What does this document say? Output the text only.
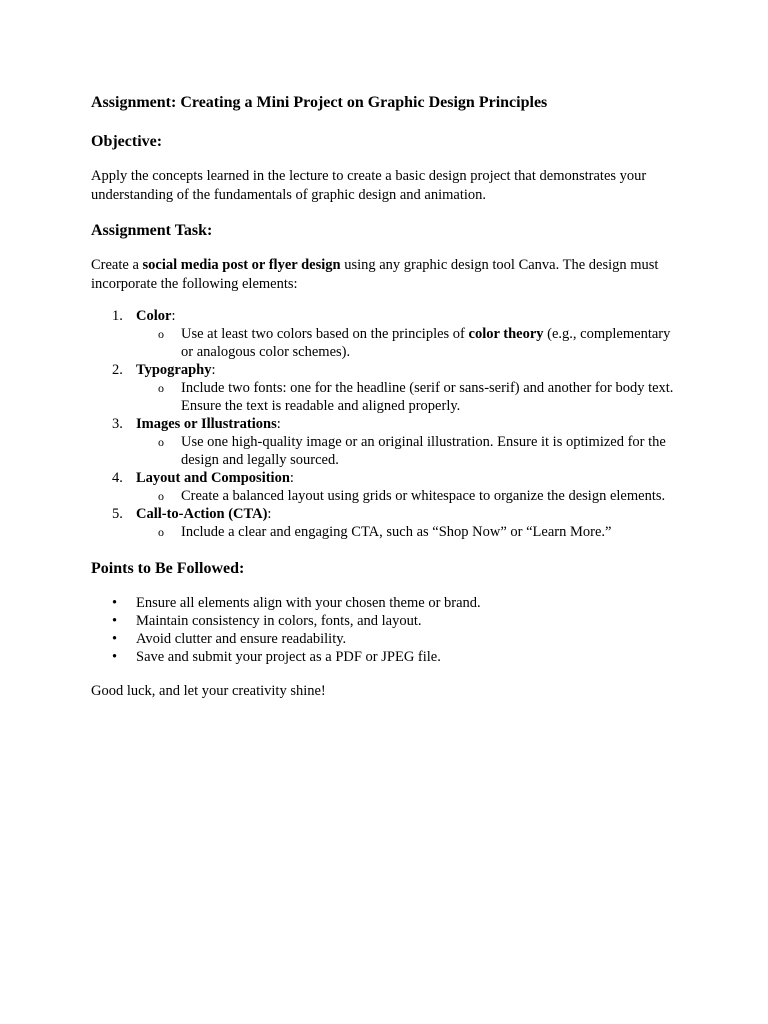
Assignment: Creating a Mini Project on Graphic Design Principles
Objective:

Apply the concepts learned in the lecture to create a basic design project that demonstrates your understanding of the fundamentals of graphic design and animation.

Assignment Task:

Create a social media post or flyer design using any graphic design tool Canva. The design must incorporate the following elements:

1. Color:
o Use at least two colors based on the principles of color theory (e.g., complementary or analogous color schemes).
2. Typography:
o Include two fonts: one for the headline (serif or sans-serif) and another for body text. Ensure the text is readable and aligned properly.
3. Images or Illustrations:
o Use one high-quality image or an original illustration. Ensure it is optimized for the design and legally sourced.
4. Layout and Composition:
o Create a balanced layout using grids or whitespace to organize the design elements.
5. Call-to-Action (CTA):
o Include a clear and engaging CTA, such as “Shop Now” or “Learn More.”
Points to Be Followed:
• Ensure all elements align with your chosen theme or brand.
• Maintain consistency in colors, fonts, and layout.
• Avoid clutter and ensure readability.
• Save and submit your project as a PDF or JPEG file.

Good luck, and let your creativity shine!
